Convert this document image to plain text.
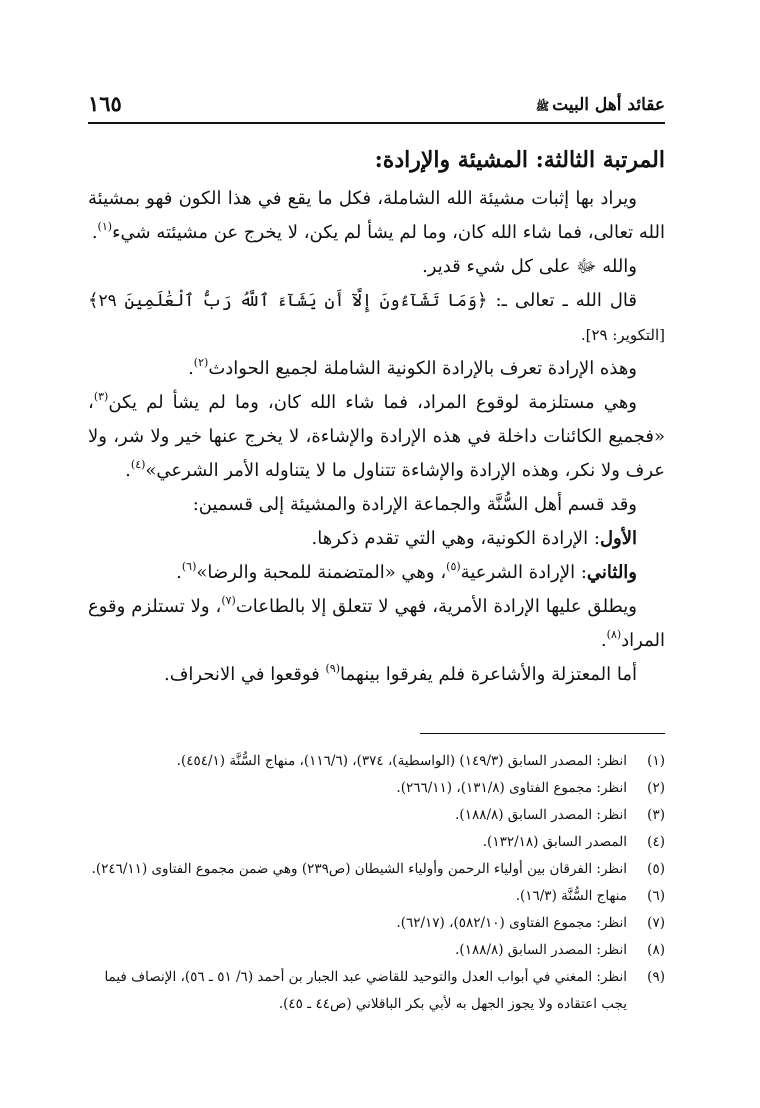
عقائد أهل البيتﷺ
١٦٥

المرتبة الثالثة: المشيئة والإرادة:

ويراد بها إثبات مشيئة الله الشاملة، فكل ما يقع في هذا الكون فهو بمشيئة الله تعالى، فما شاء الله كان، وما لم يشأ لم يكن، لا يخرج عن مشيئته شيء$^{(١)}$.

والله ﷻ على كل شيء قدير.

قال الله ـ تعالى ـ: ﴿وَمَا تَشَآءُونَ إِلَّآ أَن يَشَآءَ ٱللَّهُ رَبُّ ٱلْعَٰلَمِينَ ٢٩﴾ [التكوير: ٢٩].

وهذه الإرادة تعرف بالإرادة الكونية الشاملة لجميع الحوادث$^{(٢)}$.

وهي مستلزمة لوقوع المراد، فما شاء الله كان، وما لم يشأ لم يكن$^{(٣)}$، «فجميع الكائنات داخلة في هذه الإرادة والإشاءة، لا يخرج عنها خير ولا شر، ولا عرف ولا نكر، وهذه الإرادة والإشاءة تتناول ما لا يتناوله الأمر الشرعي»$^{(٤)}$.

وقد قسم أهل السُّنَّة والجماعة الإرادة والمشيئة إلى قسمين:

الأول: الإرادة الكونية، وهي التي تقدم ذكرها.

والثاني: الإرادة الشرعية$^{(٥)}$، وهي «المتضمنة للمحبة والرضا»$^{(٦)}$.

ويطلق عليها الإرادة الأمرية، فهي لا تتعلق إلا بالطاعات$^{(٧)}$، ولا تستلزم وقوع المراد$^{(٨)}$.

أما المعتزلة والأشاعرة فلم يفرقوا بينهما$^{(٩)}$ فوقعوا في الانحراف.

(١)
انظر: المصدر السابق (١٤٩/٣) (الواسطية)، ٣٧٤)، (١١٦/٦)، منهاج السُّنَّة (٤٥٤/١).
(٢)
انظر: مجموع الفتاوى (١٣١/٨)، (٢٦٦/١١).
(٣)
انظر: المصدر السابق (١٨٨/٨).
(٤)
المصدر السابق (١٣٢/١٨).
(٥)
انظر: الفرقان بين أولياء الرحمن وأولياء الشيطان (ص٢٣٩) وهي ضمن مجموع الفتاوى (٢٤٦/١١).
(٦)
منهاج السُّنَّة (١٦/٣).
(٧)
انظر: مجموع الفتاوى (٥٨٢/١٠)، (٦٢/١٧).
(٨)
انظر: المصدر السابق (١٨٨/٨).
(٩)
انظر: المغني في أبواب العدل والتوحيد للقاضي عبد الجبار بن أحمد (٦/ ٥١ ـ ٥٦)، الإنصاف فيما يجب اعتقاده ولا يجوز الجهل به لأبي بكر الباقلاني (ص٤٤ ـ ٤٥).
